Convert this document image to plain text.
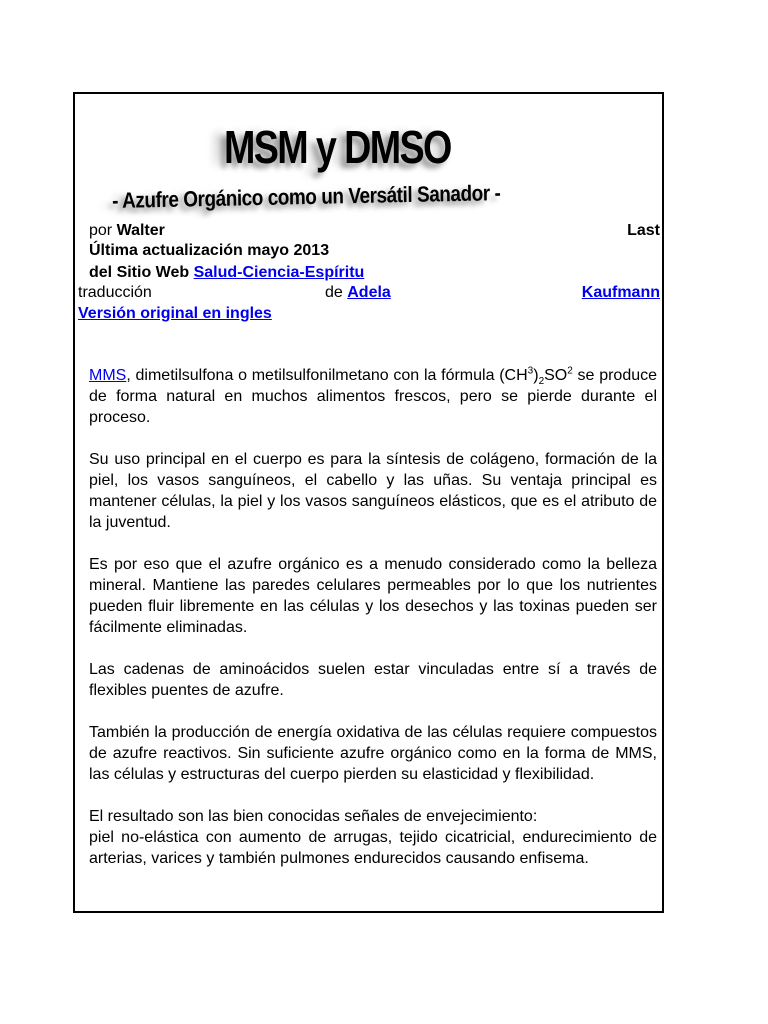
MSM y DMSO
- Azufre Orgánico como un Versátil Sanador -
por Walter	Last
Última actualización mayo 2013
del Sitio Web Salud-Ciencia-Espíritu
traducción	de Adela	Kaufmann
Versión original en ingles

MMS, dimetilsulfona o metilsulfonilmetano con la fórmula $(CH^3)_2SO^2$ se produce de forma natural en muchos alimentos frescos, pero se pierde durante el proceso.

Su uso principal en el cuerpo es para la síntesis de colágeno, formación de la piel, los vasos sanguíneos, el cabello y las uñas. Su ventaja principal es mantener células, la piel y los vasos sanguíneos elásticos, que es el atributo de la juventud.

Es por eso que el azufre orgánico es a menudo considerado como la belleza mineral. Mantiene las paredes celulares permeables por lo que los nutrientes pueden fluir libremente en las células y los desechos y las toxinas pueden ser fácilmente eliminadas.

Las cadenas de aminoácidos suelen estar vinculadas entre sí a través de flexibles puentes de azufre.

También la producción de energía oxidativa de las células requiere compuestos de azufre reactivos. Sin suficiente azufre orgánico como en la forma de MMS, las células y estructuras del cuerpo pierden su elasticidad y flexibilidad.

El resultado son las bien conocidas señales de envejecimiento:

piel no-elástica con aumento de arrugas, tejido cicatricial, endurecimiento de arterias, varices y también pulmones endurecidos causando enfisema.
